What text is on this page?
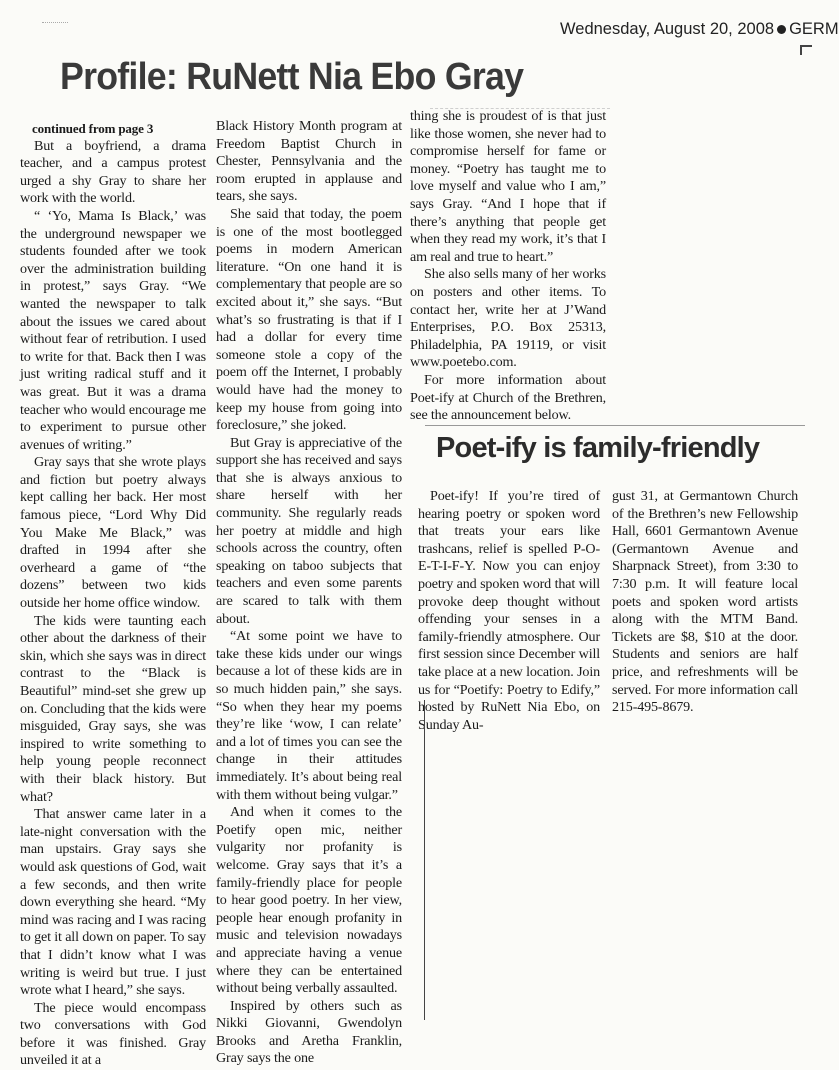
Wednesday, August 20, 2008 GERM
Profile: RuNett Nia Ebo Gray

continued from page 3

But a boyfriend, a drama teacher, and a campus protest urged a shy Gray to share her work with the world.

“ ‘Yo, Mama Is Black,’ was the underground newspaper we students founded after we took over the administration building in protest,” says Gray. “We wanted the newspaper to talk about the issues we cared about without fear of retribution. I used to write for that. Back then I was just writing radical stuff and it was great. But it was a drama teacher who would encourage me to experiment to pursue other avenues of writing.”

Gray says that she wrote plays and fiction but poetry always kept calling her back. Her most famous piece, “Lord Why Did You Make Me Black,” was drafted in 1994 after she overheard a game of “the dozens” between two kids outside her home office window.

The kids were taunting each other about the darkness of their skin, which she says was in direct contrast to the “Black is Beautiful” mind-set she grew up on. Concluding that the kids were misguided, Gray says, she was inspired to write something to help young people reconnect with their black history. But what?

That answer came later in a late-night conversation with the man upstairs. Gray says she would ask questions of God, wait a few seconds, and then write down everything she heard. “My mind was racing and I was racing to get it all down on paper. To say that I didn’t know what I was writing is weird but true. I just wrote what I heard,” she says.

The piece would encompass two conversations with God before it was finished. Gray unveiled it at a

Black History Month program at Freedom Baptist Church in Chester, Pennsylvania and the room erupted in applause and tears, she says.

She said that today, the poem is one of the most bootlegged poems in modern American literature. “On one hand it is complementary that people are so excited about it,” she says. “But what’s so frustrating is that if I had a dollar for every time someone stole a copy of the poem off the Internet, I probably would have had the money to keep my house from going into foreclosure,” she joked.

But Gray is appreciative of the support she has received and says that she is always anxious to share herself with her community. She regularly reads her poetry at middle and high schools across the country, often speaking on taboo subjects that teachers and even some parents are scared to talk with them about.

“At some point we have to take these kids under our wings because a lot of these kids are in so much hidden pain,” she says. “So when they hear my poems they’re like ‘wow, I can relate’ and a lot of times you can see the change in their attitudes immediately. It’s about being real with them without being vulgar.”

And when it comes to the Poetify open mic, neither vulgarity nor profanity is welcome. Gray says that it’s a family-friendly place for people to hear good poetry. In her view, people hear enough profanity in music and television nowadays and appreciate having a venue where they can be entertained without being verbally assaulted.

Inspired by others such as Nikki Giovanni, Gwendolyn Brooks and Aretha Franklin, Gray says the one

thing she is proudest of is that just like those women, she never had to compromise herself for fame or money. “Poetry has taught me to love myself and value who I am,” says Gray. “And I hope that if there’s anything that people get when they read my work, it’s that I am real and true to heart.”

She also sells many of her works on posters and other items. To contact her, write her at J’Wand Enterprises, P.O. Box 25313, Philadelphia, PA 19119, or visit www.poetebo.com.

For more information about Poet-ify at Church of the Brethren, see the announcement below.

Poet-ify is family-friendly

Poet-ify! If you’re tired of hearing poetry or spoken word that treats your ears like trashcans, relief is spelled P-O-E-T-I-F-Y. Now you can enjoy poetry and spoken word that will provoke deep thought without offending your senses in a family-friendly atmosphere. Our first session since December will take place at a new location. Join us for “Poetify: Poetry to Edify,” hosted by RuNett Nia Ebo, on Sunday Au-

gust 31, at Germantown Church of the Brethren’s new Fellowship Hall, 6601 Germantown Avenue (Germantown Avenue and Sharpnack Street), from 3:30 to 7:30 p.m. It will feature local poets and spoken word artists along with the MTM Band. Tickets are $8, $10 at the door. Students and seniors are half price, and refreshments will be served. For more information call 215-495-8679.
